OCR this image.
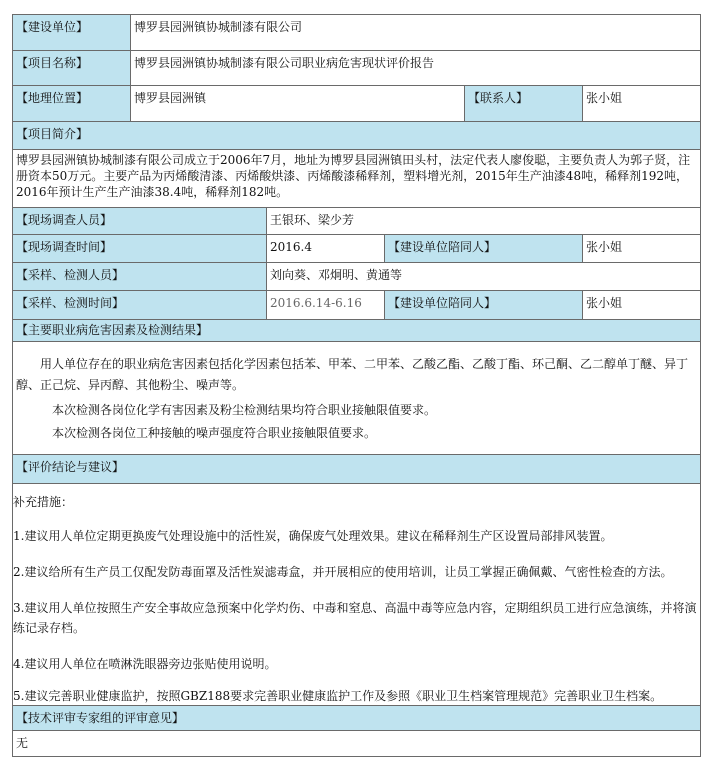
【建设单位】	博罗县园洲镇协城制漆有限公司
【项目名称】	博罗县园洲镇协城制漆有限公司职业病危害现状评价报告
【地理位置】	博罗县园洲镇	【联系人】	张小姐
【项目简介】
博罗县园洲镇协城制漆有限公司成立于2006年7月，地址为博罗县园洲镇田头村，法定代表人廖俊聪，主要负责人为郭子贤，注册资本50万元。主要产品为丙烯酸清漆、丙烯酸烘漆、丙烯酸漆稀释剂，塑料增光剂，2015年生产油漆48吨，稀释剂192吨，2016年预计生产生产油漆38.4吨，稀释剂182吨。
【现场调查人员】	王银环、梁少芳
【现场调查时间】	2016.4	【建设单位陪同人】	张小姐
【采样、检测人员】	刘向葵、邓炯明、黄通等
【采样、检测时间】	2016.6.14-6.16	【建设单位陪同人】	张小姐
【主要职业病危害因素及检测结果】

用人单位存在的职业病危害因素包括化学因素包括苯、甲苯、二甲苯、乙酸乙酯、乙酸丁酯、环己酮、乙二醇单丁醚、异丁醇、正己烷、异丙醇、其他粉尘、噪声等。

本次检测各岗位化学有害因素及粉尘检测结果均符合职业接触限值要求。

本次检测各岗位工种接触的噪声强度符合职业接触限值要求。

【评价结论与建议】

补充措施：

1.建议用人单位定期更换废气处理设施中的活性炭，确保废气处理效果。建议在稀释剂生产区设置局部排风装置。

2.建议给所有生产员工仅配发防毒面罩及活性炭滤毒盒，并开展相应的使用培训，让员工掌握正确佩戴、气密性检查的方法。

3.建议用人单位按照生产安全事故应急预案中化学灼伤、中毒和窒息、高温中毒等应急内容，定期组织员工进行应急演练，并将演练记录存档。

4.建议用人单位在喷淋洗眼器旁边张贴使用说明。

5.建议完善职业健康监护，按照GBZ188要求完善职业健康监护工作及参照《职业卫生档案管理规范》完善职业卫生档案。

【技术评审专家组的评审意见】
无
